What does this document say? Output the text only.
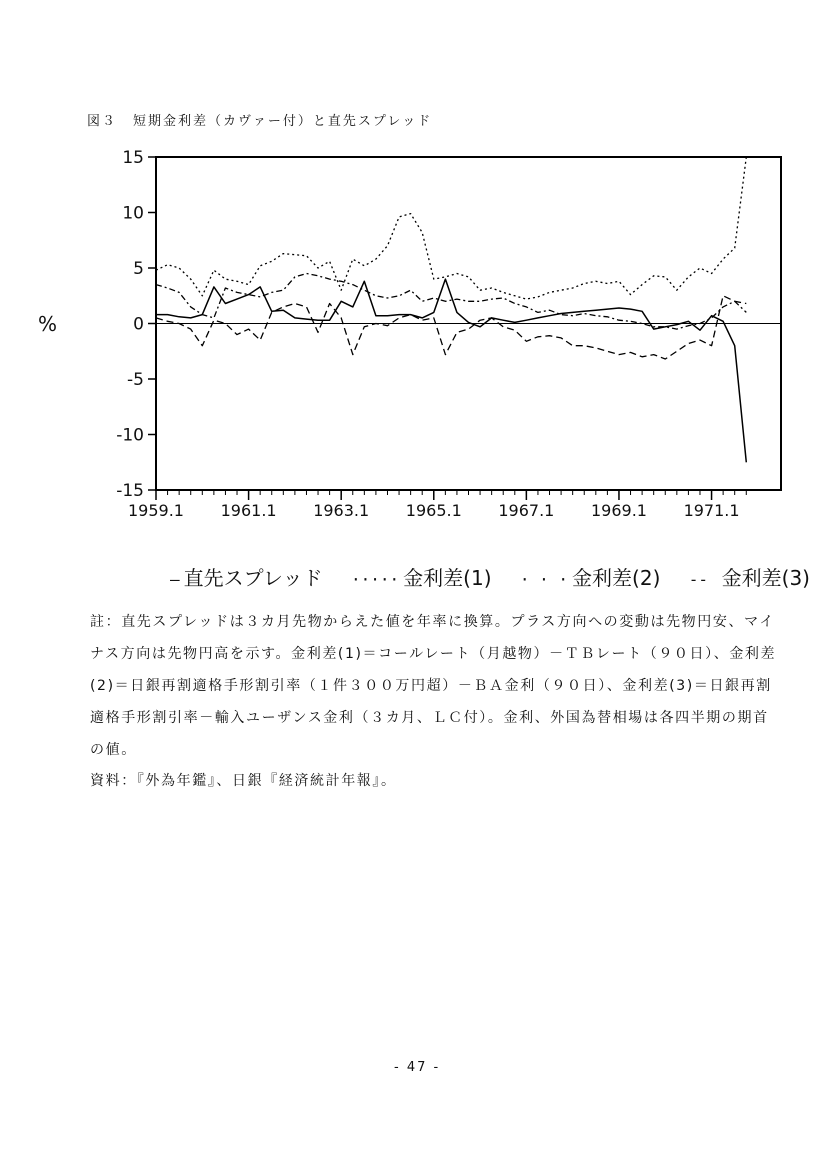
図３ 短期金利差（カヴァー付）と直先スプレッド
15
10
5
0
-5
-10
-15
1959.1 1961.1 1963.1 1965.1 1967.1 1969.1 1971.1
%
— 直先スプレッド ····· 金利差(1) · · · 金利差(2) -- 金利差(3)

註：直先スプレッドは３カ月先物からえた値を年率に換算。プラス方向への変動は先物円安、マイナス方向は先物円高を示す。金利差(1)＝コールレート（月越物）－ＴＢレート（９０日）、金利差(2)＝日銀再割適格手形割引率（１件３００万円超）－ＢＡ金利（９０日）、金利差(3)＝日銀再割適格手形割引率－輸入ユーザンス金利（３カ月、ＬＣ付）。金利、外国為替相場は各四半期の期首の値。

資料：『外為年鑑』、日銀『経済統計年報』。
- 47 -
